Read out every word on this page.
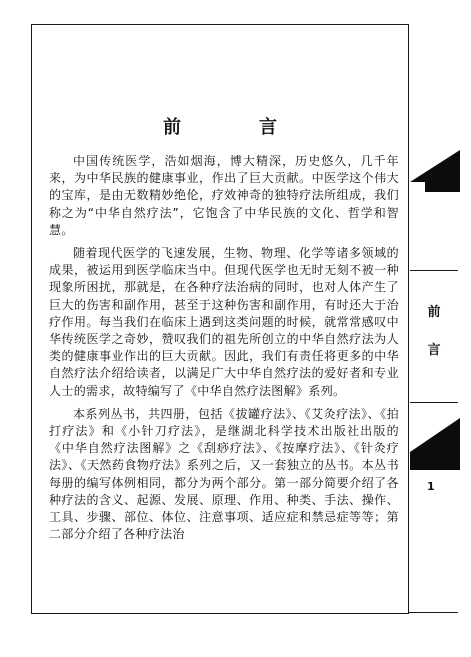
前　言

中国传统医学，浩如烟海，博大精深，历史悠久，几千年来，为中华民族的健康事业，作出了巨大贡献。中医学这个伟大的宝库，是由无数精妙绝伦，疗效神奇的独特疗法所组成，我们称之为“中华自然疗法”，它饱含了中华民族的文化、哲学和智慧。

随着现代医学的飞速发展，生物、物理、化学等诸多领域的成果，被运用到医学临床当中。但现代医学也无时无刻不被一种现象所困扰，那就是，在各种疗法治病的同时，也对人体产生了巨大的伤害和副作用，甚至于这种伤害和副作用，有时还大于治疗作用。每当我们在临床上遇到这类问题的时候，就常常感叹中华传统医学之奇妙，赞叹我们的祖先所创立的中华自然疗法为人类的健康事业作出的巨大贡献。因此，我们有责任将更多的中华自然疗法介绍给读者，以满足广大中华自然疗法的爱好者和专业人士的需求，故特编写了《中华自然疗法图解》系列。

本系列丛书，共四册，包括《拔罐疗法》、《艾灸疗法》、《拍打疗法》和《小针刀疗法》，是继湖北科学技术出版社出版的《中华自然疗法图解》之《刮痧疗法》、《按摩疗法》、《针灸疗法》、《天然药食物疗法》系列之后，又一套独立的丛书。本丛书每册的编写体例相同，都分为两个部分。第一部分简要介绍了各种疗法的含义、起源、发展、原理、作用、种类、手法、操作、工具、步骤、部位、体位、注意事项、适应症和禁忌症等等；第二部分介绍了各种疗法治

前
言
1
